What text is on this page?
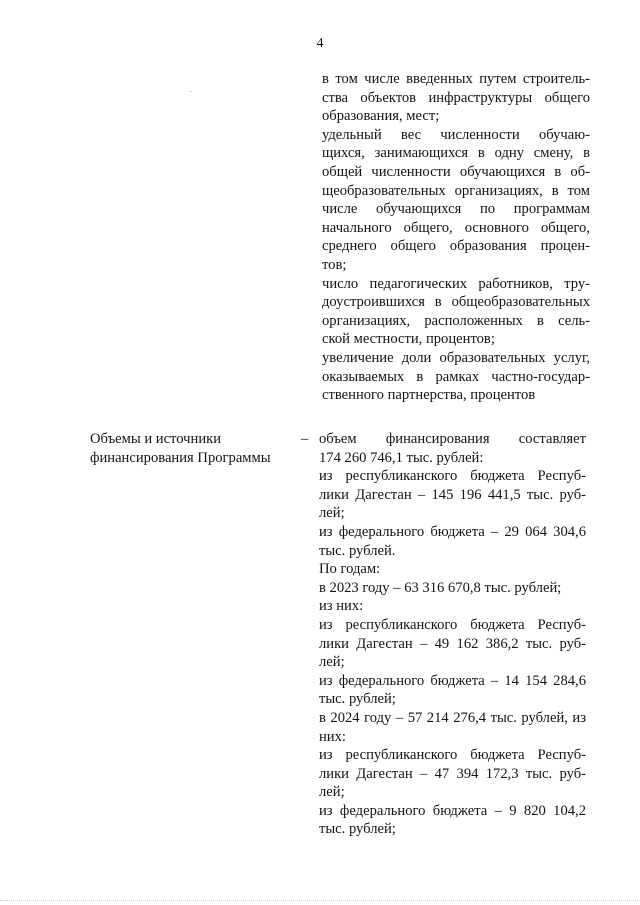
4
в том числе введенных путем строитель-
ства объектов инфраструктуры общего
образования, мест;
удельный вес численности обучаю-
щихся, занимающихся в одну смену, в
общей численности обучающихся в об-
щеобразовательных организациях, в том
числе обучающихся по программам
начального общего, основного общего,
среднего общего образования процен-
тов;
число педагогических работников, тру-
доустроившихся в общеобразовательных
организациях, расположенных в сель-
ской местности, процентов;
увеличение доли образовательных услуг,
оказываемых в рамках частно-государ-
ственного партнерства, процентов
Объемы и источники
финансирования Программы
– объем финансирования составляет
174 260 746,1 тыс. рублей:
из республиканского бюджета Респуб-
лики Дагестан – 145 196 441,5 тыс. руб-
лей;
из федерального бюджета – 29 064 304,6
тыс. рублей.
По годам:
в 2023 году – 63 316 670,8 тыс. рублей;
из них:
из республиканского бюджета Респуб-
лики Дагестан – 49 162 386,2 тыс. руб-
лей;
из федерального бюджета – 14 154 284,6
тыс. рублей;
в 2024 году – 57 214 276,4 тыс. рублей, из
них:
из республиканского бюджета Респуб-
лики Дагестан – 47 394 172,3 тыс. руб-
лей;
из федерального бюджета – 9 820 104,2
тыс. рублей;
